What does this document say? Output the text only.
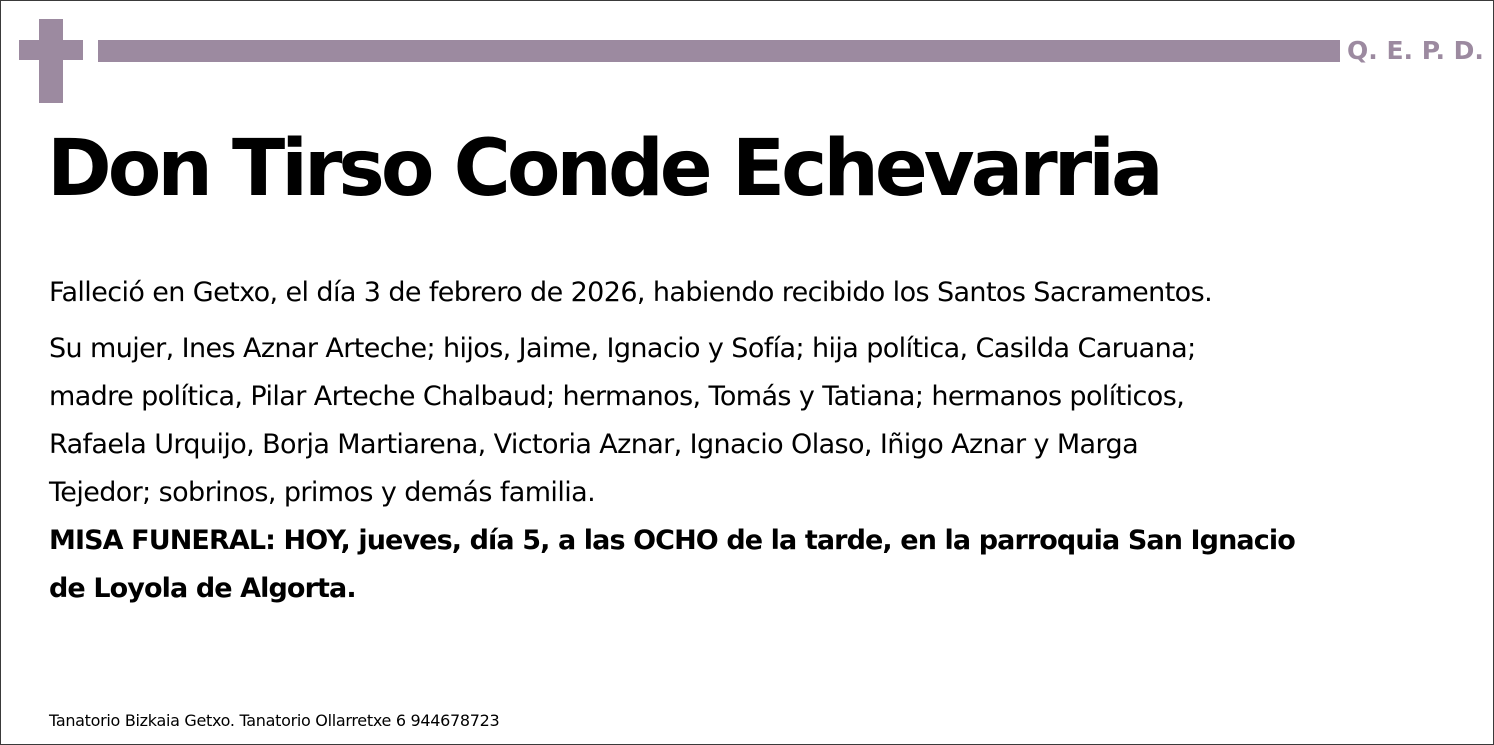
Q. E. P. D.
Don Tirso Conde Echevarria
Falleció en Getxo, el día 3 de febrero de 2026, habiendo recibido los Santos Sacramentos.
Su mujer, Ines Aznar Arteche; hijos, Jaime, Ignacio y Sofía; hija política, Casilda Caruana;
madre política, Pilar Arteche Chalbaud; hermanos, Tomás y Tatiana; hermanos políticos,
Rafaela Urquijo, Borja Martiarena, Victoria Aznar, Ignacio Olaso, Iñigo Aznar y Marga
Tejedor; sobrinos, primos y demás familia.
MISA FUNERAL: HOY, jueves, día 5, a las OCHO de la tarde, en la parroquia San Ignacio
de Loyola de Algorta.
Tanatorio Bizkaia Getxo. Tanatorio Ollarretxe 6 944678723
